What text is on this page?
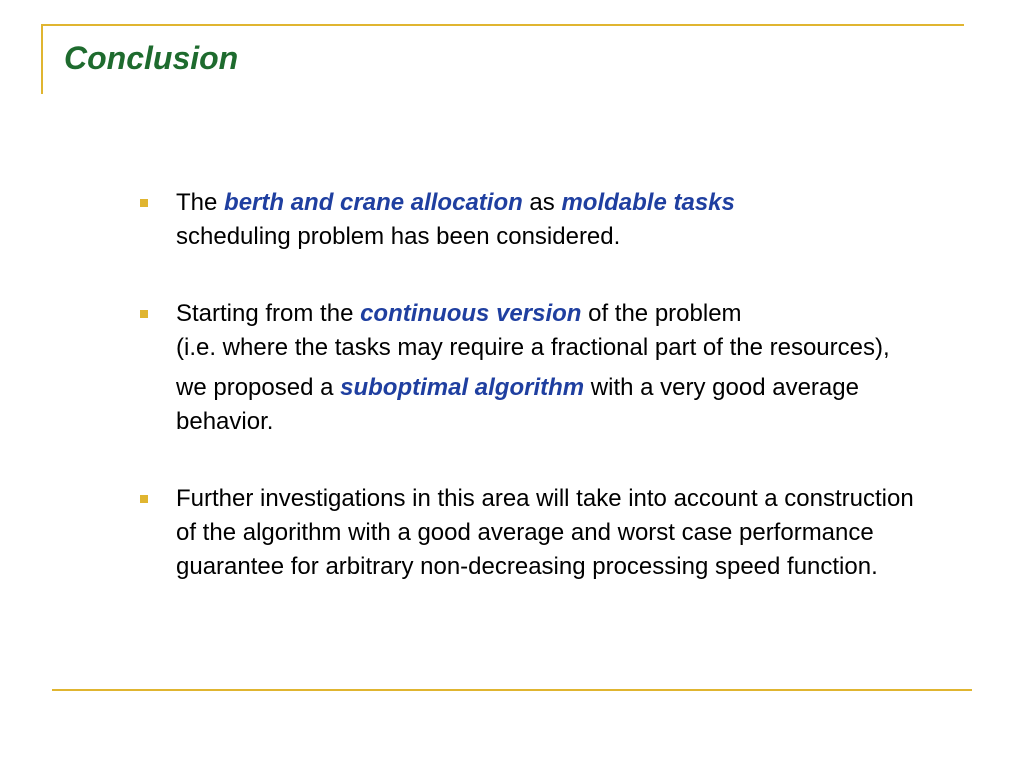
Conclusion

The berth and crane allocation as moldable tasks
scheduling problem has been considered.

Starting from the continuous version of the problem
(i.e. where the tasks may require a fractional part of the resources),

we proposed a suboptimal algorithm with a very good average behavior.

Further investigations in this area will take into account a construction of the algorithm with a good average and worst case performance guarantee for arbitrary non-decreasing processing speed function.
